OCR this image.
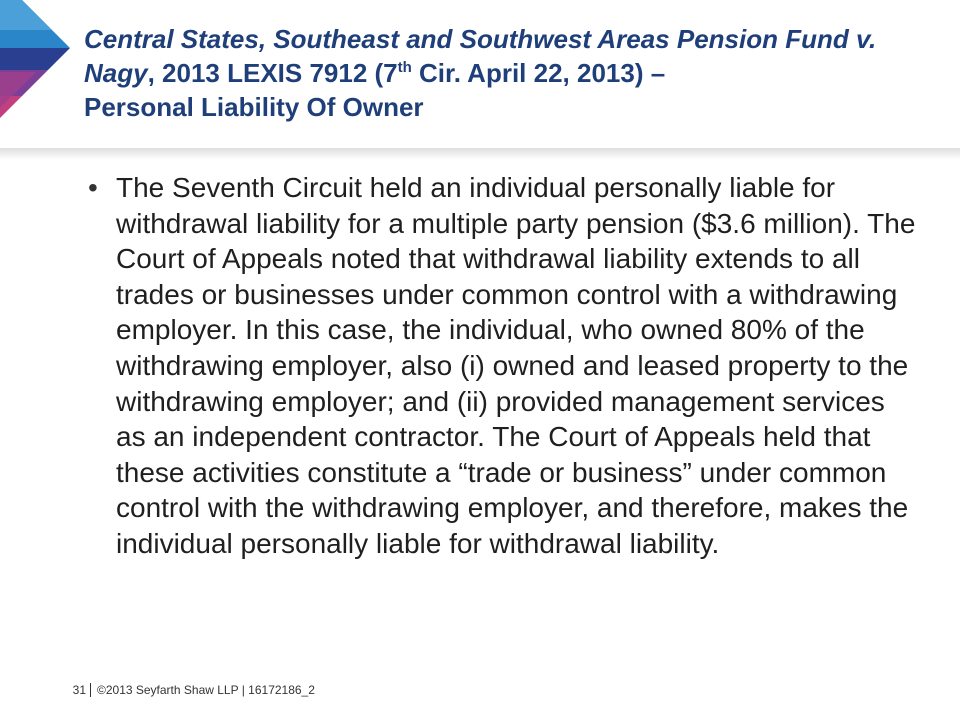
Central States, Southeast and Southwest Areas Pension Fund v. Nagy, 2013 LEXIS 7912 (7th Cir. April 22, 2013) –
Personal Liability Of Owner
• The Seventh Circuit held an individual personally liable for withdrawal liability for a multiple party pension ($3.6 million). The Court of Appeals noted that withdrawal liability extends to all trades or businesses under common control with a withdrawing employer. In this case, the individual, who owned 80% of the withdrawing employer, also (i) owned and leased property to the withdrawing employer; and (ii) provided management services as an independent contractor. The Court of Appeals held that these activities constitute a “trade or business” under common control with the withdrawing employer, and therefore, makes the individual personally liable for withdrawal liability.

31 ©2013 Seyfarth Shaw LLP | 16172186_2
